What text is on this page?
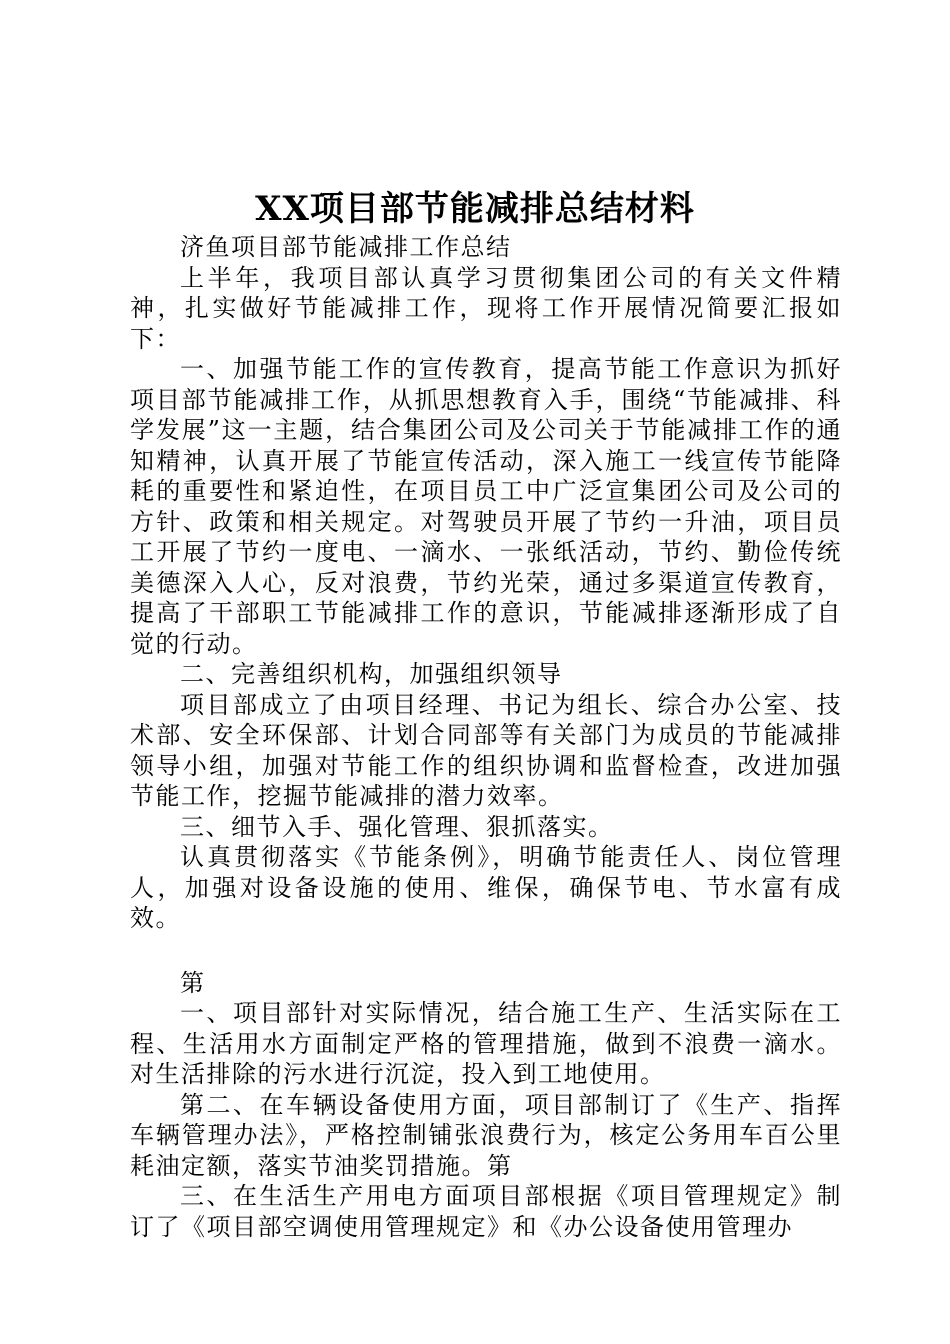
XX项目部节能减排总结材料

济鱼项目部节能减排工作总结

上半年，我项目部认真学习贯彻集团公司的有关文件精神，扎实做好节能减排工作，现将工作开展情况简要汇报如下：

一、加强节能工作的宣传教育，提高节能工作意识为抓好项目部节能减排工作，从抓思想教育入手，围绕“节能减排、科学发展”这一主题，结合集团公司及公司关于节能减排工作的通知精神，认真开展了节能宣传活动，深入施工一线宣传节能降耗的重要性和紧迫性，在项目员工中广泛宣集团公司及公司的方针、政策和相关规定。对驾驶员开展了节约一升油，项目员工开展了节约一度电、一滴水、一张纸活动，节约、勤俭传统美德深入人心，反对浪费，节约光荣，通过多渠道宣传教育，提高了干部职工节能减排工作的意识，节能减排逐渐形成了自觉的行动。

二、完善组织机构，加强组织领导

项目部成立了由项目经理、书记为组长、综合办公室、技术部、安全环保部、计划合同部等有关部门为成员的节能减排领导小组，加强对节能工作的组织协调和监督检查，改进加强节能工作，挖掘节能减排的潜力效率。

三、细节入手、强化管理、狠抓落实。

认真贯彻落实《节能条例》，明确节能责任人、岗位管理人，加强对设备设施的使用、维保，确保节电、节水富有成效。

第

一、项目部针对实际情况，结合施工生产、生活实际在工程、生活用水方面制定严格的管理措施，做到不浪费一滴水。对生活排除的污水进行沉淀，投入到工地使用。

第二、在车辆设备使用方面，项目部制订了《生产、指挥车辆管理办法》，严格控制铺张浪费行为，核定公务用车百公里耗油定额，落实节油奖罚措施。第

三、在生活生产用电方面项目部根据《项目管理规定》制订了《项目部空调使用管理规定》和《办公设备使用管理办
